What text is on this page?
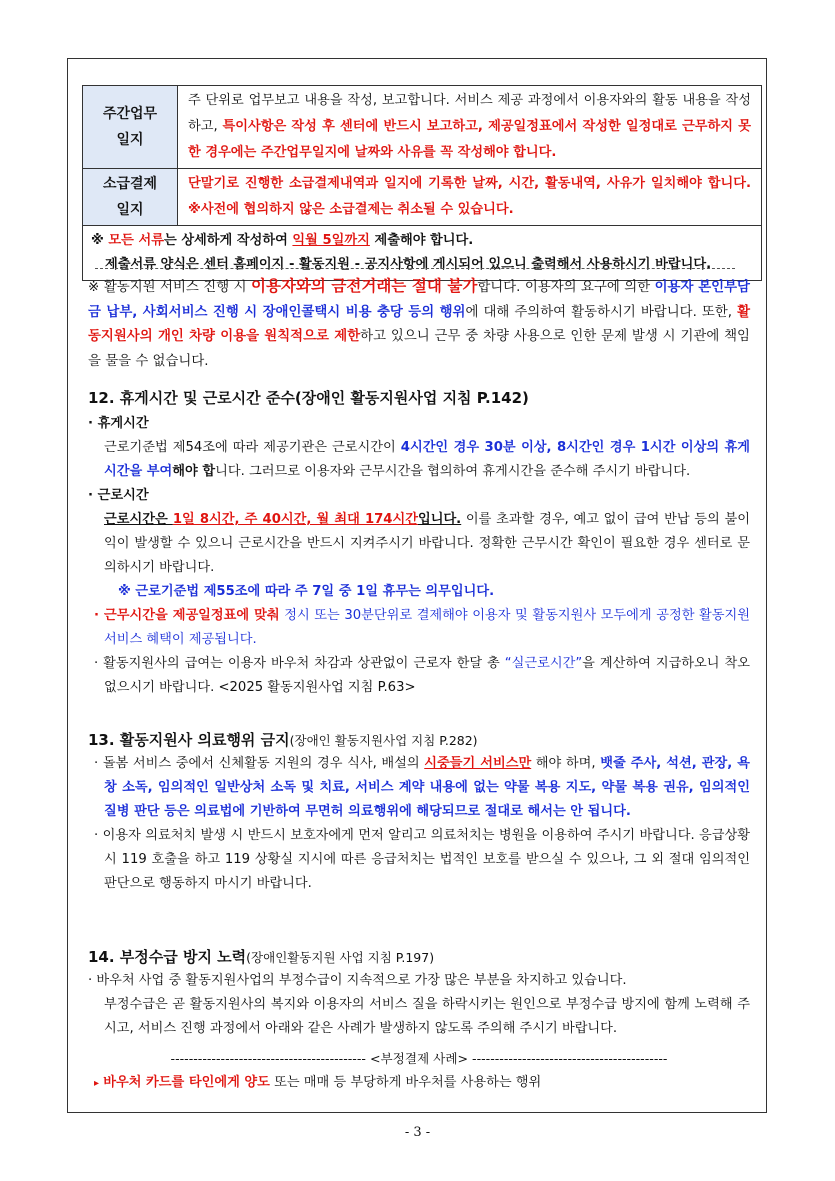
주간업무
일지	주 단위로 업무보고 내용을 작성, 보고합니다. 서비스 제공 과정에서 이용자와의 활동 내용을 작성하고, 특이사항은 작성 후 센터에 반드시 보고하고, 제공일정표에서 작성한 일정대로 근무하지 못한 경우에는 주간업무일지에 날짜와 사유를 꼭 작성해야 합니다.
소급결제
일지	단말기로 진행한 소급결제내역과 일지에 기록한 날짜, 시간, 활동내역, 사유가 일치해야 합니다. ※사전에 협의하지 않은 소급결제는 취소될 수 있습니다.
※ 모든 서류는 상세하게 작성하여 익월 5일까지 제출해야 합니다.
제출서류 양식은 센터 홈페이지 - 활동지원 - 공지사항에 게시되어 있으니 출력해서 사용하시기 바랍니다.	
※ 활동지원 서비스 진행 시 이용자와의 금전거래는 절대 불가합니다. 이용자의 요구에 의한 이용자 본인부담금 납부, 사회서비스 진행 시 장애인콜택시 비용 충당 등의 행위에 대해 주의하여 활동하시기 바랍니다. 또한, 활동지원사의 개인 차량 이용을 원칙적으로 제한하고 있으니 근무 중 차량 사용으로 인한 문제 발생 시 기관에 책임을 물을 수 없습니다.
12. 휴게시간 및 근로시간 준수(장애인 활동지원사업 지침 P.142)
· 휴게시간
근로기준법 제54조에 따라 제공기관은 근로시간이 4시간인 경우 30분 이상, 8시간인 경우 1시간 이상의 휴게시간을 부여해야 합니다. 그러므로 이용자와 근무시간을 협의하여 휴게시간을 준수해 주시기 바랍니다.
· 근로시간
근로시간은 1일 8시간, 주 40시간, 월 최대 174시간입니다. 이를 초과할 경우, 예고 없이 급여 반납 등의 불이익이 발생할 수 있으니 근로시간을 반드시 지켜주시기 바랍니다. 정확한 근무시간 확인이 필요한 경우 센터로 문의하시기 바랍니다.
※ 근로기준법 제55조에 따라 주 7일 중 1일 휴무는 의무입니다.
· 근무시간을 제공일정표에 맞춰 정시 또는 30분단위로 결제해야 이용자 및 활동지원사 모두에게 공정한 활동지원서비스 혜택이 제공됩니다.
· 활동지원사의 급여는 이용자 바우처 차감과 상관없이 근로자 한달 총 “실근로시간”을 계산하여 지급하오니 착오 없으시기 바랍니다. <2025 활동지원사업 지침 P.63>
13. 활동지원사 의료행위 금지(장애인 활동지원사업 지침 P.282)
· 돌봄 서비스 중에서 신체활동 지원의 경우 식사, 배설의 시중들기 서비스만 해야 하며, 뱃줄 주사, 석션, 관장, 욕창 소독, 임의적인 일반상처 소독 및 치료, 서비스 계약 내용에 없는 약물 복용 지도, 약물 복용 권유, 임의적인 질병 판단 등은 의료법에 기반하여 무면허 의료행위에 해당되므로 절대로 해서는 안 됩니다.
· 이용자 의료처치 발생 시 반드시 보호자에게 먼저 알리고 의료처치는 병원을 이용하여 주시기 바랍니다. 응급상황 시 119 호출을 하고 119 상황실 지시에 따른 응급처치는 법적인 보호를 받으실 수 있으나, 그 외 절대 임의적인 판단으로 행동하지 마시기 바랍니다.
14. 부정수급 방지 노력(장애인활동지원 사업 지침 P.197)
· 바우처 사업 중 활동지원사업의 부정수급이 지속적으로 가장 많은 부분을 차지하고 있습니다.
부정수급은 곧 활동지원사의 복지와 이용자의 서비스 질을 하락시키는 원인으로 부정수급 방지에 함께 노력해 주시고, 서비스 진행 과정에서 아래와 같은 사례가 발생하지 않도록 주의해 주시기 바랍니다.
------------------------------------------- <부정결제 사례> -------------------------------------------
▸ 바우처 카드를 타인에게 양도 또는 매매 등 부당하게 바우처를 사용하는 행위
- 3 -
